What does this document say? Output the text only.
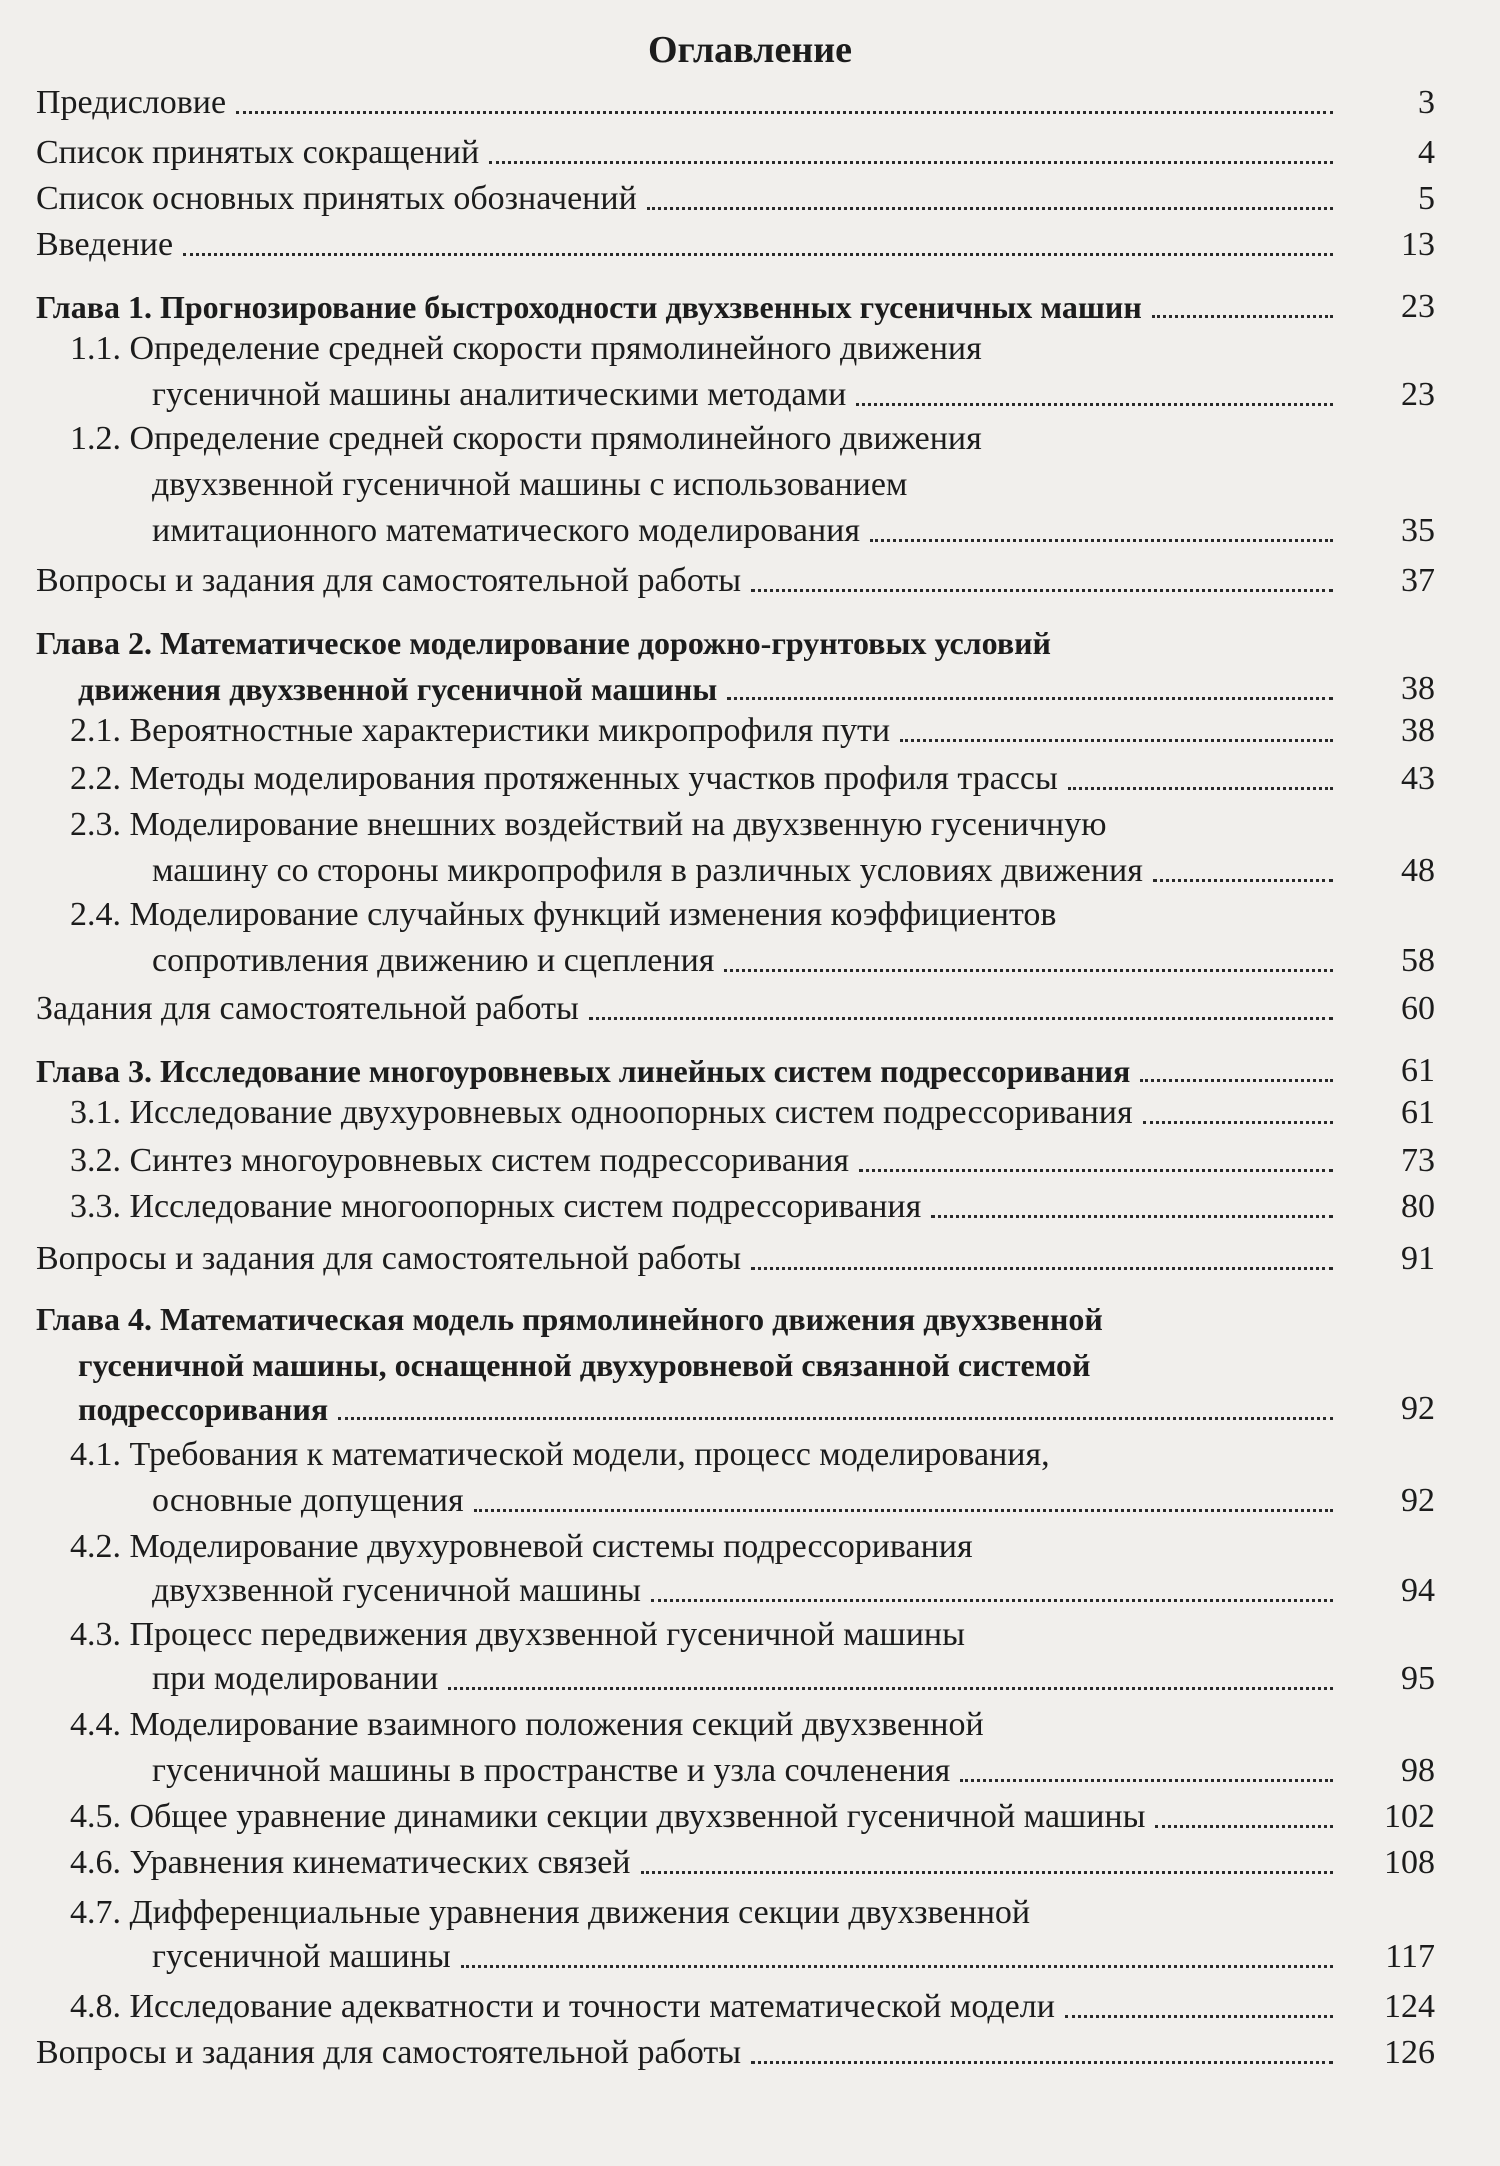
Оглавление
Предисловие	3
Список принятых сокращений	4
Список основных принятых обозначений	5
Введение	13
Глава 1. Прогнозирование быстроходности двухзвенных гусеничных машин	23
1.1. Определение средней скорости прямолинейного движения
гусеничной машины аналитическими методами	23
1.2. Определение средней скорости прямолинейного движения
двухзвенной гусеничной машины с использованием
имитационного математического моделирования	35
Вопросы и задания для самостоятельной работы	37
Глава 2. Математическое моделирование дорожно-грунтовых условий
движения двухзвенной гусеничной машины	38
2.1. Вероятностные характеристики микропрофиля пути	38
2.2. Методы моделирования протяженных участков профиля трассы	43
2.3. Моделирование внешних воздействий на двухзвенную гусеничную
машину со стороны микропрофиля в различных условиях движения	48
2.4. Моделирование случайных функций изменения коэффициентов
сопротивления движению и сцепления	58
Задания для самостоятельной работы	60
Глава 3. Исследование многоуровневых линейных систем подрессоривания	61
3.1. Исследование двухуровневых одноопорных систем подрессоривания	61
3.2. Синтез многоуровневых систем подрессоривания	73
3.3. Исследование многоопорных систем подрессоривания	80
Вопросы и задания для самостоятельной работы	91
Глава 4. Математическая модель прямолинейного движения двухзвенной
гусеничной машины, оснащенной двухуровневой связанной системой
подрессоривания	92
4.1. Требования к математической модели, процесс моделирования,
основные допущения	92
4.2. Моделирование двухуровневой системы подрессоривания
двухзвенной гусеничной машины	94
4.3. Процесс передвижения двухзвенной гусеничной машины
при моделировании	95
4.4. Моделирование взаимного положения секций двухзвенной
гусеничной машины в пространстве и узла сочленения	98
4.5. Общее уравнение динамики секции двухзвенной гусеничной машины	102
4.6. Уравнения кинематических связей	108
4.7. Дифференциальные уравнения движения секции двухзвенной
гусеничной машины	117
4.8. Исследование адекватности и точности математической модели	124
Вопросы и задания для самостоятельной работы	126
